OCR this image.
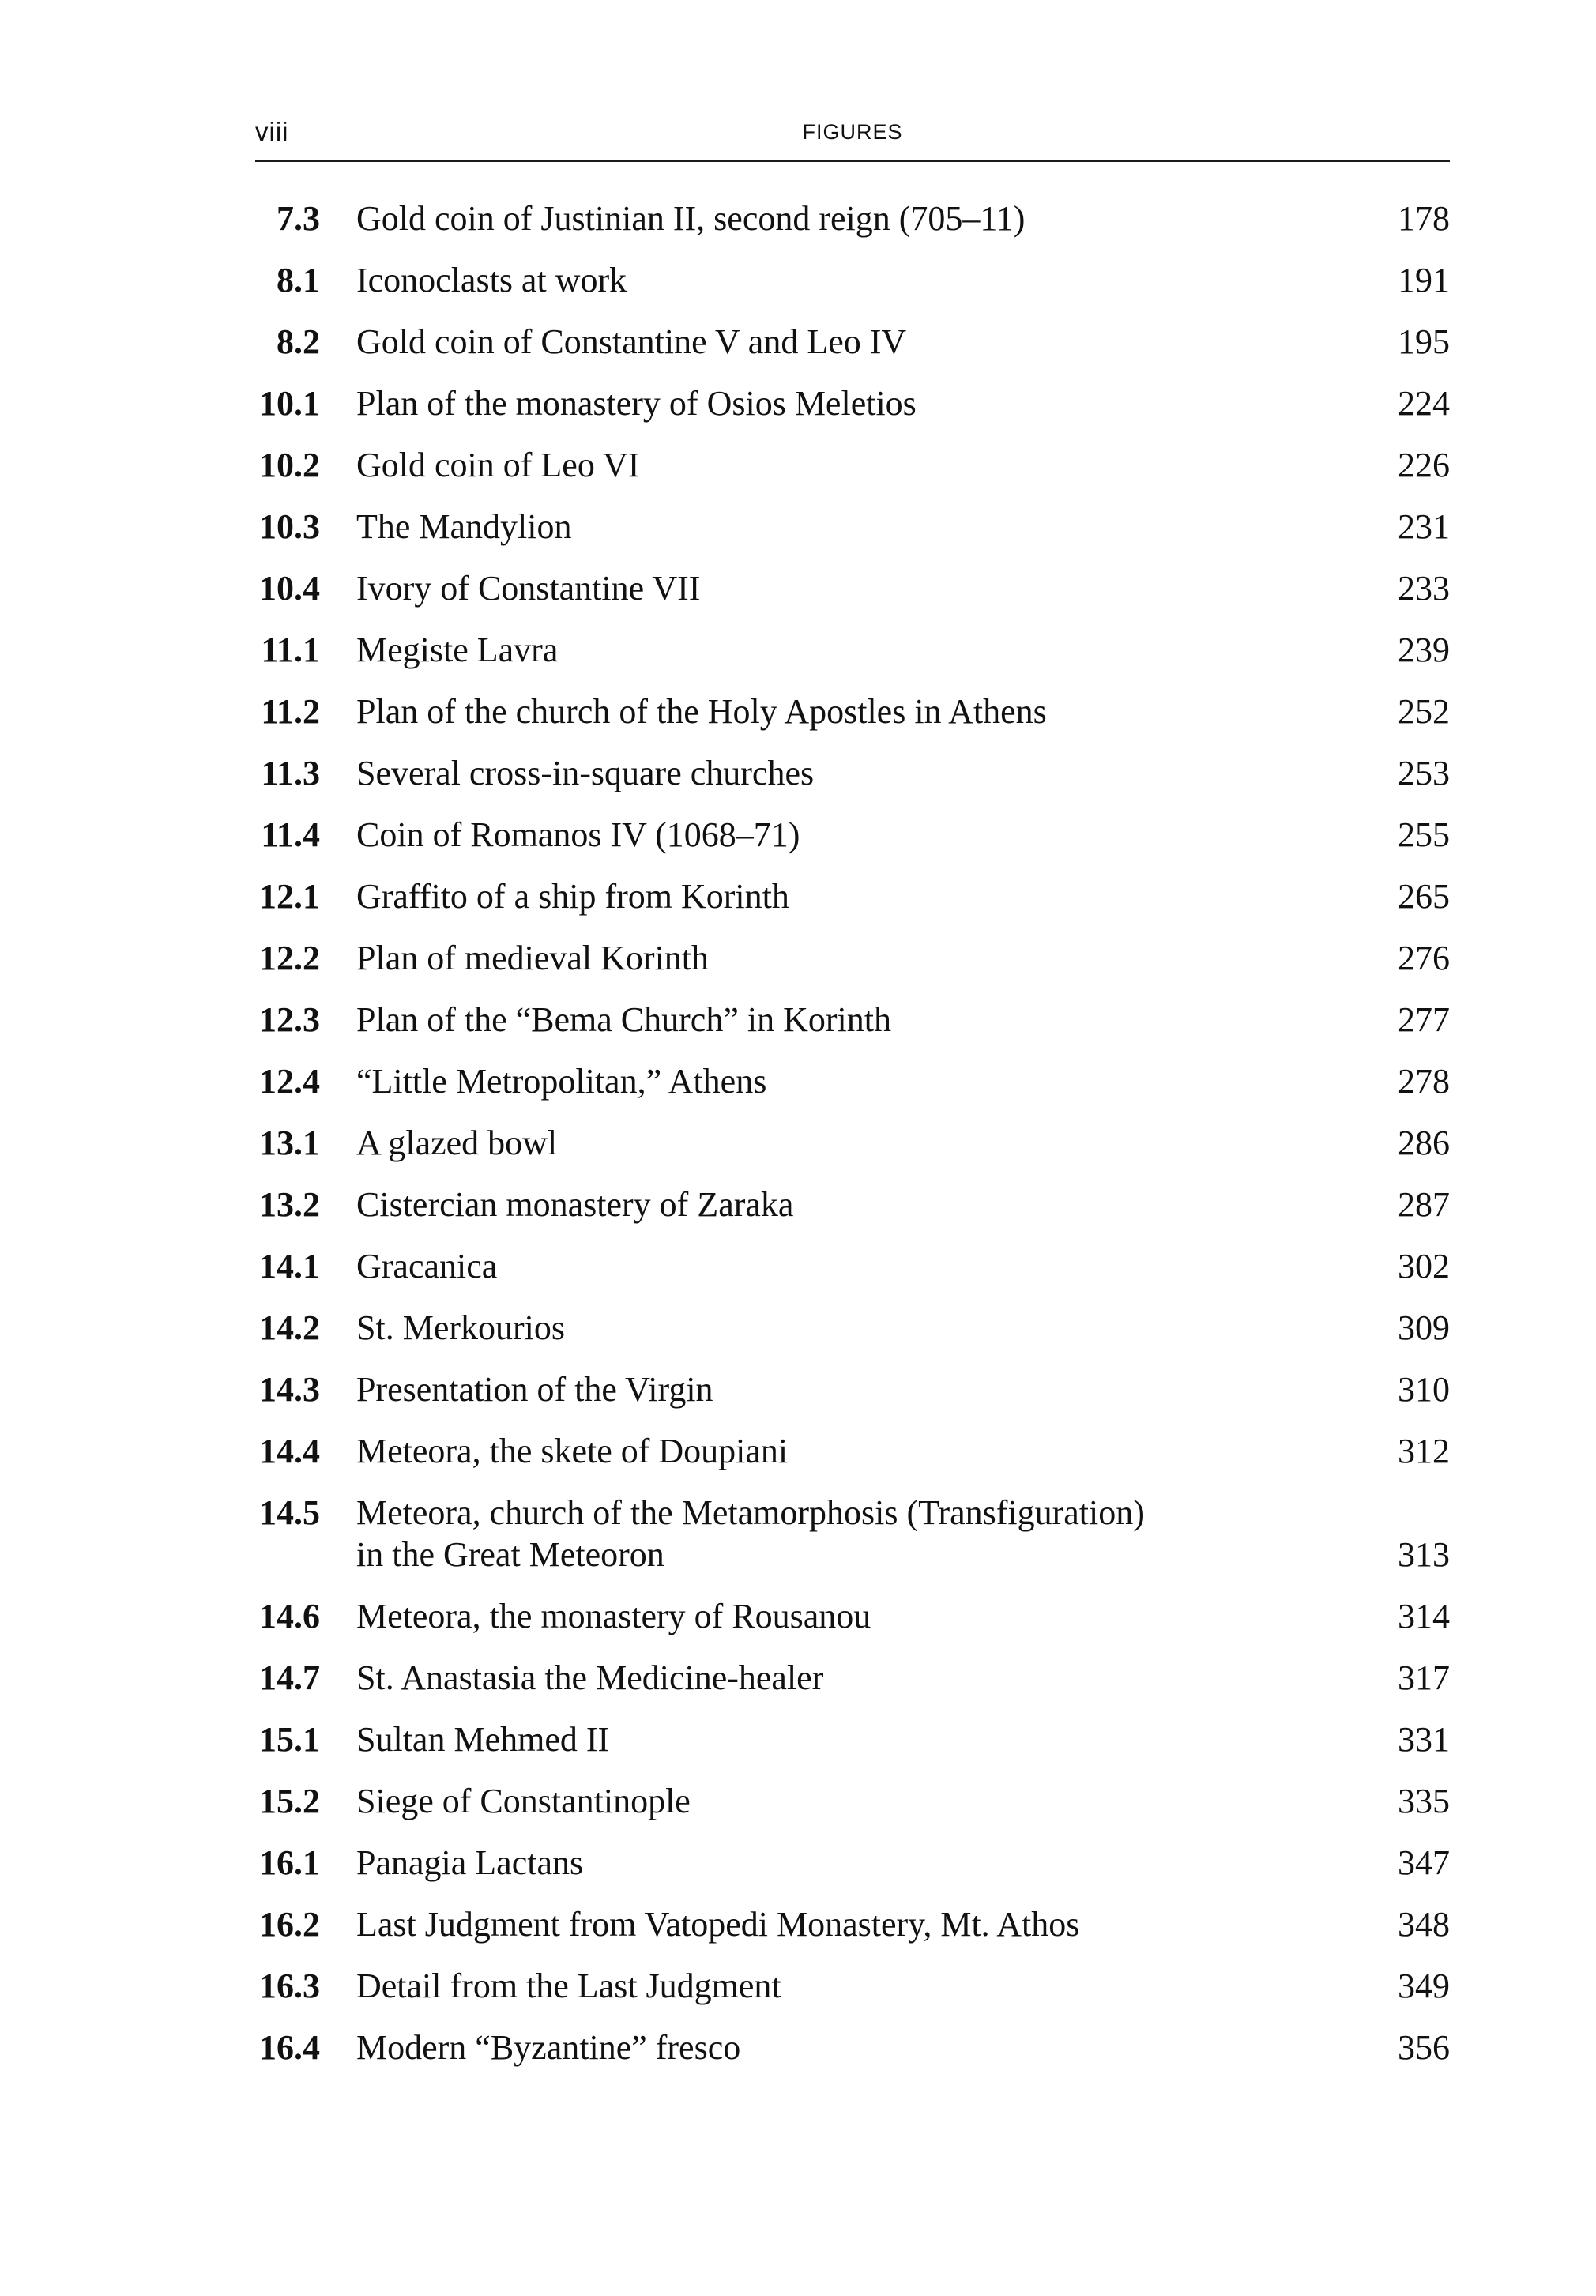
viii	FIGURES
7.3 Gold coin of Justinian II, second reign (705–11)	178
8.1 Iconoclasts at work	191
8.2 Gold coin of Constantine V and Leo IV	195
10.1 Plan of the monastery of Osios Meletios	224
10.2 Gold coin of Leo VI	226
10.3 The Mandylion	231
10.4 Ivory of Constantine VII	233
11.1 Megiste Lavra	239
11.2 Plan of the church of the Holy Apostles in Athens	252
11.3 Several cross-in-square churches	253
11.4 Coin of Romanos IV (1068–71)	255
12.1 Graffito of a ship from Korinth	265
12.2 Plan of medieval Korinth	276
12.3 Plan of the “Bema Church” in Korinth	277
12.4 “Little Metropolitan,” Athens	278
13.1 A glazed bowl	286
13.2 Cistercian monastery of Zaraka	287
14.1 Gracanica	302
14.2 St. Merkourios	309
14.3 Presentation of the Virgin	310
14.4 Meteora, the skete of Doupiani	312
14.5 Meteora, church of the Metamorphosis (Transfiguration)
in the Great Meteoron	313
14.6 Meteora, the monastery of Rousanou	314
14.7 St. Anastasia the Medicine-healer	317
15.1 Sultan Mehmed II	331
15.2 Siege of Constantinople	335
16.1 Panagia Lactans	347
16.2 Last Judgment from Vatopedi Monastery, Mt. Athos	348
16.3 Detail from the Last Judgment	349
16.4 Modern “Byzantine” fresco	356
